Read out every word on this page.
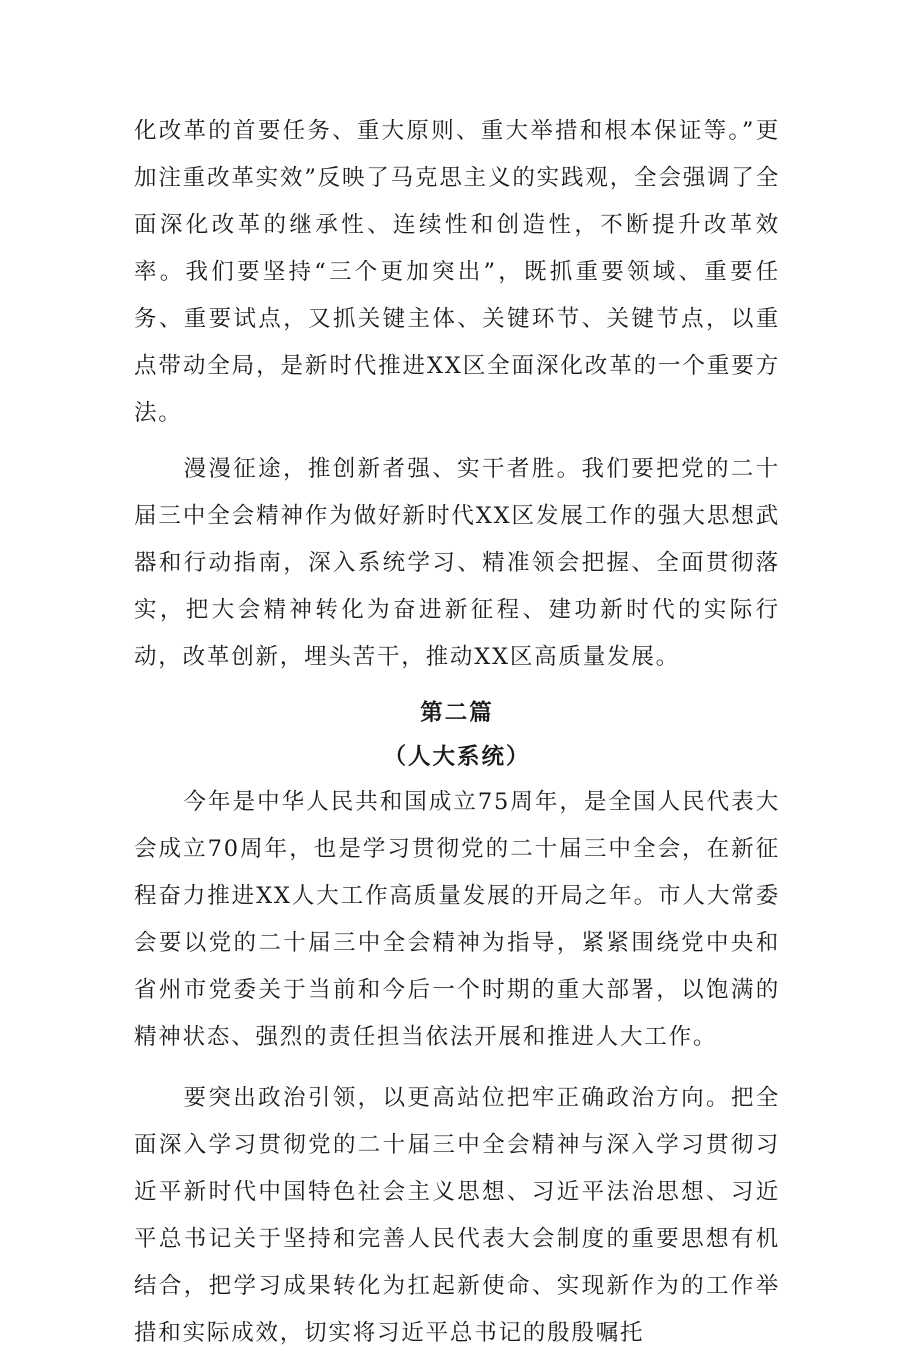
化改革的首要任务、重大原则、重大举措和根本保证等。”更加注重改革实效”反映了马克思主义的实践观，全会强调了全面深化改革的继承性、连续性和创造性，不断提升改革效率。我们要坚持“三个更加突出”，既抓重要领域、重要任务、重要试点，又抓关键主体、关键环节、关键节点，以重点带动全局，是新时代推进XX区全面深化改革的一个重要方法。

漫漫征途，推创新者强、实干者胜。我们要把党的二十届三中全会精神作为做好新时代XX区发展工作的强大思想武器和行动指南，深入系统学习、精准领会把握、全面贯彻落实，把大会精神转化为奋进新征程、建功新时代的实际行动，改革创新，埋头苦干，推动XX区高质量发展。

第二篇
（人大系统）

今年是中华人民共和国成立75周年，是全国人民代表大会成立70周年，也是学习贯彻党的二十届三中全会，在新征程奋力推进XX人大工作高质量发展的开局之年。市人大常委会要以党的二十届三中全会精神为指导，紧紧围绕党中央和省州市党委关于当前和今后一个时期的重大部署，以饱满的精神状态、强烈的责任担当依法开展和推进人大工作。

要突出政治引领，以更高站位把牢正确政治方向。把全面深入学习贯彻党的二十届三中全会精神与深入学习贯彻习近平新时代中国特色社会主义思想、习近平法治思想、习近平总书记关于坚持和完善人民代表大会制度的重要思想有机结合，把学习成果转化为扛起新使命、实现新作为的工作举措和实际成效，切实将习近平总书记的殷殷嘱托
